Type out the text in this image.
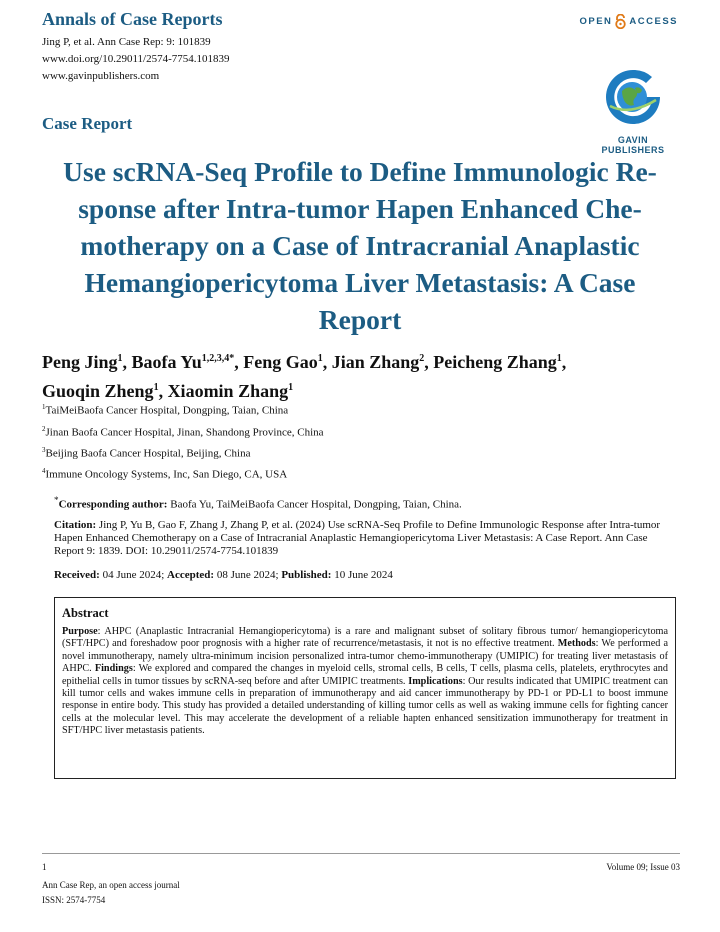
Annals of Case Reports
Jing P, et al. Ann Case Rep: 9: 101839
www.doi.org/10.29011/2574-7754.101839
www.gavinpublishers.com
OPEN ACCESS
GAVIN PUBLISHERS
Case Report
Use scRNA-Seq Profile to Define Immunologic Re-
sponse after Intra-tumor Hapen Enhanced Che-
motherapy on a Case of Intracranial Anaplastic
Hemangiopericytoma Liver Metastasis: A Case
Report
Peng Jing$^1$, Baofa $Yu^{1,2,3,4*}$, Feng Gao$^1$, Jian Zhang$^2$, Peicheng Zhang$^1$,
Guoqin Zheng$^1$, Xiaomin Zhang$^1$
$^1$TaiMeiBaofa Cancer Hospital, Dongping, Taian, China
$^2$Jinan Baofa Cancer Hospital, Jinan, Shandong Province, China
$^3$Beijing Baofa Cancer Hospital, Beijing, China
$^4$Immune Oncology Systems, Inc, San Diego, CA, USA
*Corresponding author: Baofa Yu, TaiMeiBaofa Cancer Hospital, Dongping, Taian, China.
Citation: Jing P, Yu B, Gao F, Zhang J, Zhang P, et al. (2024) Use scRNA-Seq Profile to Define Immunologic Response after Intra-tumor Hapen Enhanced Chemotherapy on a Case of Intracranial Anaplastic Hemangiopericytoma Liver Metastasis: A Case Report. Ann Case Report 9: 1839. DOI: 10.29011/2574-7754.101839
Received: 04 June 2024; Accepted: 08 June 2024; Published: 10 June 2024
Abstract
Purpose: AHPC (Anaplastic Intracranial Hemangiopericytoma) is a rare and malignant subset of solitary fibrous tumor/ hemangiopericytoma (SFT/HPC) and foreshadow poor prognosis with a higher rate of recurrence/metastasis, it not is no effective treatment. Methods: We performed a novel immunotherapy, namely ultra-minimum incision personalized intra-tumor chemo-immunotherapy (UMIPIC) for treating liver metastasis of AHPC. Findings: We explored and compared the changes in myeloid cells, stromal cells, B cells, T cells, plasma cells, platelets, erythrocytes and epithelial cells in tumor tissues by scRNA-seq before and after UMIPIC treatments. Implications: Our results indicated that UMIPIC treatment can kill tumor cells and wakes immune cells in preparation of immunotherapy and aid cancer immunotherapy by PD-1 or PD-L1 to boost immune response in entire body. This study has provided a detailed understanding of killing tumor cells as well as waking immune cells for fighting cancer cells at the molecular level. This may accelerate the development of a reliable hapten enhanced sensitization immunotherapy for treatment in SFT/HPC liver metastasis patients.
1	Volume 09; Issue 03
Ann Case Rep, an open access journal
ISSN: 2574-7754
